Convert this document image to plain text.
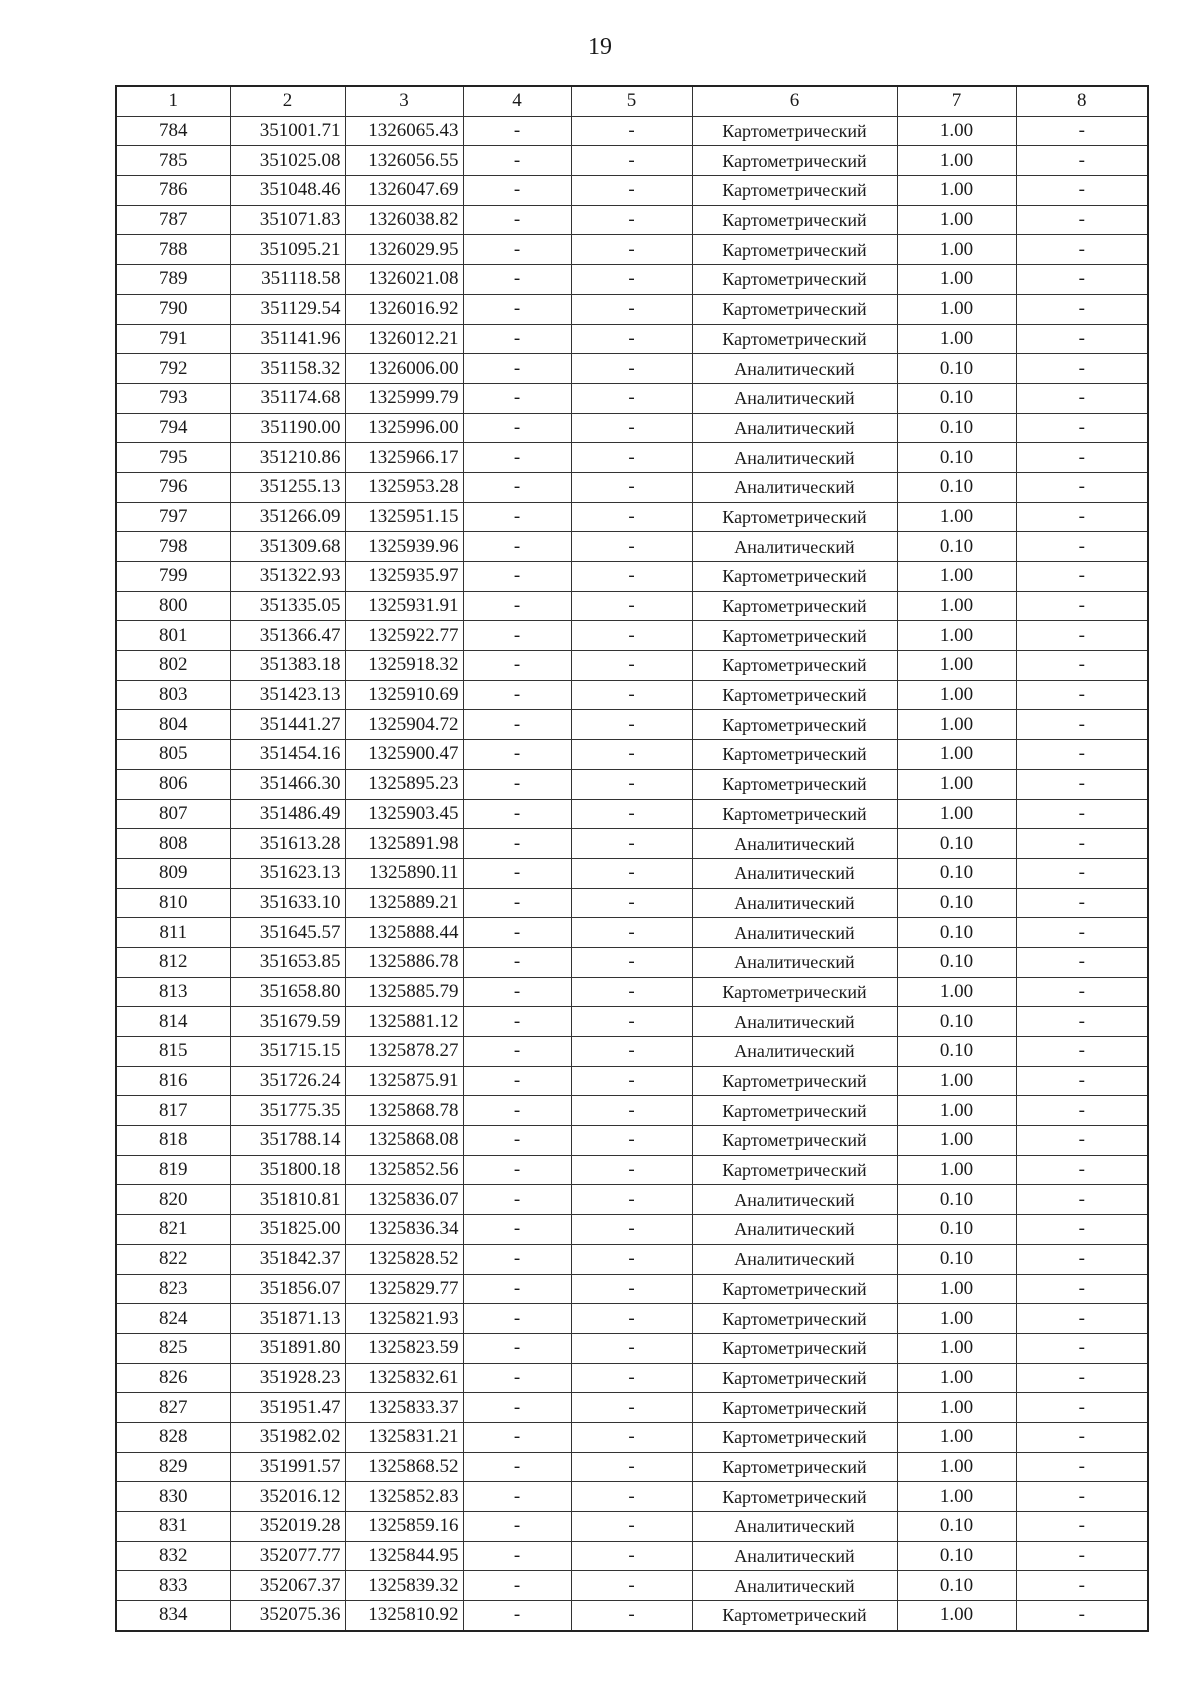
19
1	2	3	4	5	6	7	8
784	351001.71	1326065.43	-	-	Картометрический	1.00	-
785	351025.08	1326056.55	-	-	Картометрический	1.00	-
786	351048.46	1326047.69	-	-	Картометрический	1.00	-
787	351071.83	1326038.82	-	-	Картометрический	1.00	-
788	351095.21	1326029.95	-	-	Картометрический	1.00	-
789	351118.58	1326021.08	-	-	Картометрический	1.00	-
790	351129.54	1326016.92	-	-	Картометрический	1.00	-
791	351141.96	1326012.21	-	-	Картометрический	1.00	-
792	351158.32	1326006.00	-	-	Аналитический	0.10	-
793	351174.68	1325999.79	-	-	Аналитический	0.10	-
794	351190.00	1325996.00	-	-	Аналитический	0.10	-
795	351210.86	1325966.17	-	-	Аналитический	0.10	-
796	351255.13	1325953.28	-	-	Аналитический	0.10	-
797	351266.09	1325951.15	-	-	Картометрический	1.00	-
798	351309.68	1325939.96	-	-	Аналитический	0.10	-
799	351322.93	1325935.97	-	-	Картометрический	1.00	-
800	351335.05	1325931.91	-	-	Картометрический	1.00	-
801	351366.47	1325922.77	-	-	Картометрический	1.00	-
802	351383.18	1325918.32	-	-	Картометрический	1.00	-
803	351423.13	1325910.69	-	-	Картометрический	1.00	-
804	351441.27	1325904.72	-	-	Картометрический	1.00	-
805	351454.16	1325900.47	-	-	Картометрический	1.00	-
806	351466.30	1325895.23	-	-	Картометрический	1.00	-
807	351486.49	1325903.45	-	-	Картометрический	1.00	-
808	351613.28	1325891.98	-	-	Аналитический	0.10	-
809	351623.13	1325890.11	-	-	Аналитический	0.10	-
810	351633.10	1325889.21	-	-	Аналитический	0.10	-
811	351645.57	1325888.44	-	-	Аналитический	0.10	-
812	351653.85	1325886.78	-	-	Аналитический	0.10	-
813	351658.80	1325885.79	-	-	Картометрический	1.00	-
814	351679.59	1325881.12	-	-	Аналитический	0.10	-
815	351715.15	1325878.27	-	-	Аналитический	0.10	-
816	351726.24	1325875.91	-	-	Картометрический	1.00	-
817	351775.35	1325868.78	-	-	Картометрический	1.00	-
818	351788.14	1325868.08	-	-	Картометрический	1.00	-
819	351800.18	1325852.56	-	-	Картометрический	1.00	-
820	351810.81	1325836.07	-	-	Аналитический	0.10	-
821	351825.00	1325836.34	-	-	Аналитический	0.10	-
822	351842.37	1325828.52	-	-	Аналитический	0.10	-
823	351856.07	1325829.77	-	-	Картометрический	1.00	-
824	351871.13	1325821.93	-	-	Картометрический	1.00	-
825	351891.80	1325823.59	-	-	Картометрический	1.00	-
826	351928.23	1325832.61	-	-	Картометрический	1.00	-
827	351951.47	1325833.37	-	-	Картометрический	1.00	-
828	351982.02	1325831.21	-	-	Картометрический	1.00	-
829	351991.57	1325868.52	-	-	Картометрический	1.00	-
830	352016.12	1325852.83	-	-	Картометрический	1.00	-
831	352019.28	1325859.16	-	-	Аналитический	0.10	-
832	352077.77	1325844.95	-	-	Аналитический	0.10	-
833	352067.37	1325839.32	-	-	Аналитический	0.10	-
834	352075.36	1325810.92	-	-	Картометрический	1.00	-
